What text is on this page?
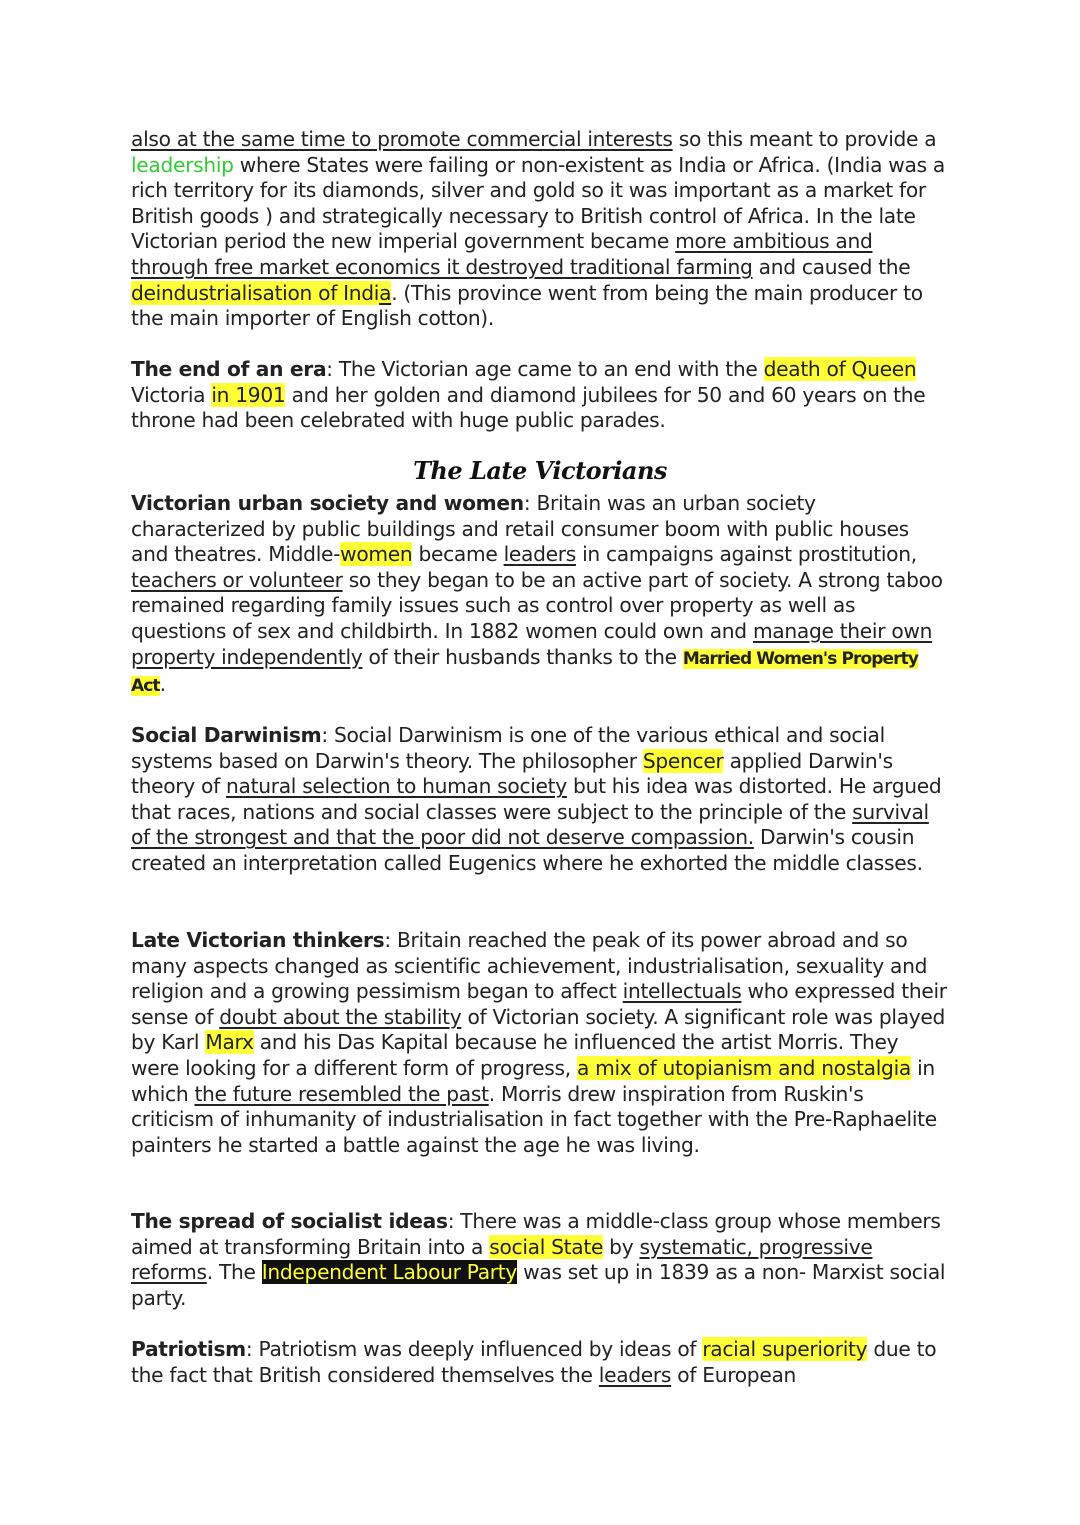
also at the same time to promote commercial interests so this meant to provide a leadership where States were failing or non-existent as India or Africa. (India was a rich territory for its diamonds, silver and gold so it was important as a market for British goods ) and strategically necessary to British control of Africa. In the late Victorian period the new imperial government became more ambitious and through free market economics it destroyed traditional farming and caused the deindustrialisation of India. (This province went from being the main producer to the main importer of English cotton).

The end of an era: The Victorian age came to an end with the death of Queen Victoria in 1901 and her golden and diamond jubilees for 50 and 60 years on the throne had been celebrated with huge public parades.

The Late Victorians

Victorian urban society and women: Britain was an urban society characterized by public buildings and retail consumer boom with public houses and theatres. Middle-women became leaders in campaigns against prostitution, teachers or volunteer so they began to be an active part of society. A strong taboo remained regarding family issues such as control over property as well as questions of sex and childbirth. In 1882 women could own and manage their own property independently of their husbands thanks to the Married Women's Property Act.

Social Darwinism: Social Darwinism is one of the various ethical and social systems based on Darwin's theory. The philosopher Spencer applied Darwin's theory of natural selection to human society but his idea was distorted. He argued that races, nations and social classes were subject to the principle of the survival of the strongest and that the poor did not deserve compassion. Darwin's cousin created an interpretation called Eugenics where he exhorted the middle classes.

Late Victorian thinkers: Britain reached the peak of its power abroad and so many aspects changed as scientific achievement, industrialisation, sexuality and religion and a growing pessimism began to affect intellectuals who expressed their sense of doubt about the stability of Victorian society. A significant role was played by Karl Marx and his Das Kapital because he influenced the artist Morris. They were looking for a different form of progress, a mix of utopianism and nostalgia in which the future resembled the past. Morris drew inspiration from Ruskin's criticism of inhumanity of industrialisation in fact together with the Pre-Raphaelite painters he started a battle against the age he was living.

The spread of socialist ideas: There was a middle-class group whose members aimed at transforming Britain into a social State by systematic, progressive reforms. The Independent Labour Party was set up in 1839 as a non- Marxist social party.

Patriotism: Patriotism was deeply influenced by ideas of racial superiority due to the fact that British considered themselves the leaders of European
